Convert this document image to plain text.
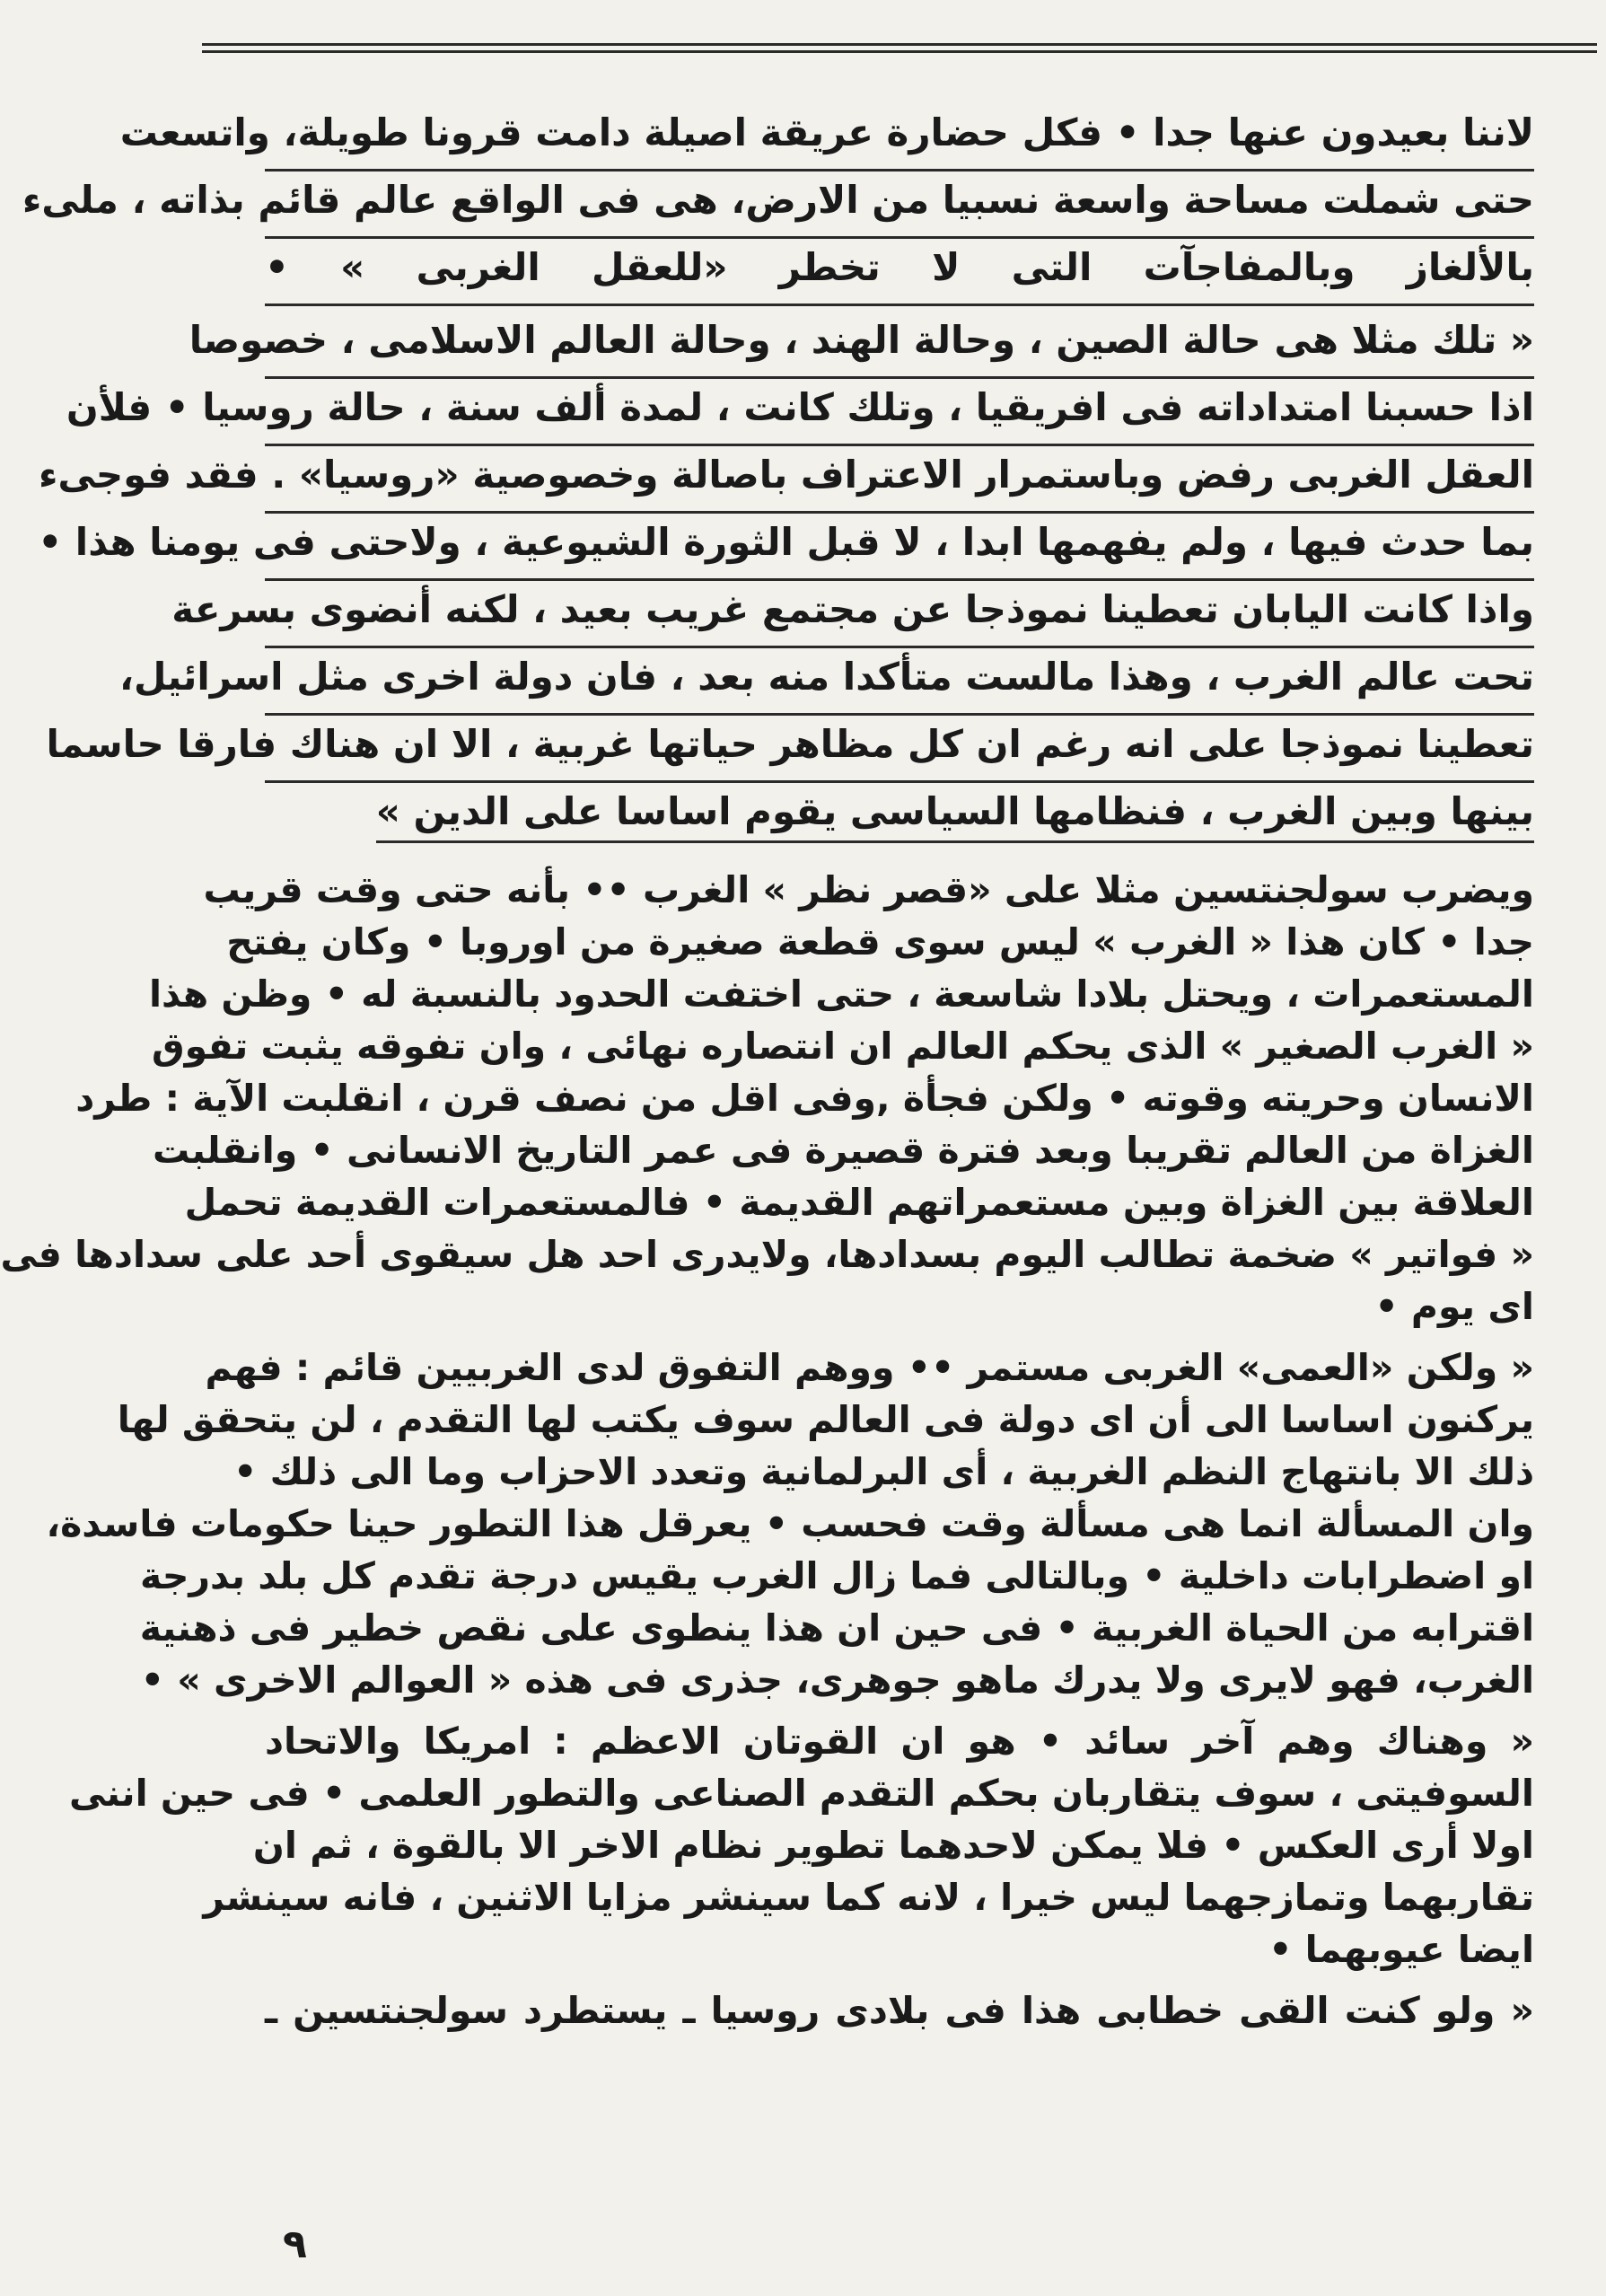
لاننا بعيدون عنها جدا • فكل حضارة عريقة اصيلة دامت قرونا طويلة، واتسعت
حتى شملت مساحة واسعة نسبيا من الارض، هى فى الواقع عالم قائم بذاته ، ملىء
بالألغاز وبالمفاجآت التى لا تخطر «للعقل الغربى » •
« تلك مثلا هى حالة الصين ، وحالة الهند ، وحالة العالم الاسلامى ، خصوصا
اذا حسبنا امتداداته فى افريقيا ، وتلك كانت ، لمدة ألف سنة ، حالة روسيا • فلأن
العقل الغربى رفض وباستمرار الاعتراف باصالة وخصوصية «روسيا» . فقد فوجىء
بما حدث فيها ، ولم يفهمها ابدا ، لا قبل الثورة الشيوعية ، ولاحتى فى يومنا هذا •
واذا كانت اليابان تعطينا نموذجا عن مجتمع غريب بعيد ، لكنه أنضوى بسرعة
تحت عالم الغرب ، وهذا مالست متأكدا منه بعد ، فان دولة اخرى مثل اسرائيل،
تعطينا نموذجا على انه رغم ان كل مظاهر حياتها غربية ، الا ان هناك فارقا حاسما
بينها وبين الغرب ، فنظامها السياسى يقوم اساسا على الدين »
ويضرب سولجنتسين مثلا على «قصر نظر » الغرب •• بأنه حتى وقت قريب
جدا • كان هذا « الغرب » ليس سوى قطعة صغيرة من اوروبا • وكان يفتح
المستعمرات ، ويحتل بلادا شاسعة ، حتى اختفت الحدود بالنسبة له • وظن هذا
« الغرب الصغير » الذى يحكم العالم ان انتصاره نهائى ، وان تفوقه يثبت تفوق
الانسان وحريته وقوته • ولكن فجأة ,وفى اقل من نصف قرن ، انقلبت الآية : طرد
الغزاة من العالم تقريبا وبعد فترة قصيرة فى عمر التاريخ الانسانى • وانقلبت
العلاقة بين الغزاة وبين مستعمراتهم القديمة • فالمستعمرات القديمة تحمل
« فواتير » ضخمة تطالب اليوم بسدادها، ولايدرى احد هل سيقوى أحد على سدادها فى
اى يوم •
« ولكن «العمى» الغربى مستمر •• ووهم التفوق لدى الغربيين قائم : فهم
يركنون اساسا الى أن اى دولة فى العالم سوف يكتب لها التقدم ، لن يتحقق لها
ذلك الا بانتهاج النظم الغربية ، أى البرلمانية وتعدد الاحزاب وما الى ذلك •
وان المسألة انما هى مسألة وقت فحسب • يعرقل هذا التطور حينا حكومات فاسدة،
او اضطرابات داخلية • وبالتالى فما زال الغرب يقيس درجة تقدم كل بلد بدرجة
اقترابه من الحياة الغربية • فى حين ان هذا ينطوى على نقص خطير فى ذهنية
الغرب، فهو لايرى ولا يدرك ماهو جوهرى، جذرى فى هذه « العوالم الاخرى » •
« وهناك وهم آخر سائد • هو ان القوتان الاعظم : امريكا والاتحاد
السوفيتى ، سوف يتقاربان بحكم التقدم الصناعى والتطور العلمى • فى حين اننى
اولا أرى العكس • فلا يمكن لاحدهما تطوير نظام الاخر الا بالقوة ، ثم ان
تقاربهما وتمازجهما ليس خيرا ، لانه كما سينشر مزايا الاثنين ، فانه سينشر
ايضا عيوبهما •
« ولو كنت القى خطابى هذا فى بلادى روسيا ـ يستطرد سولجنتسين ـ
٩
